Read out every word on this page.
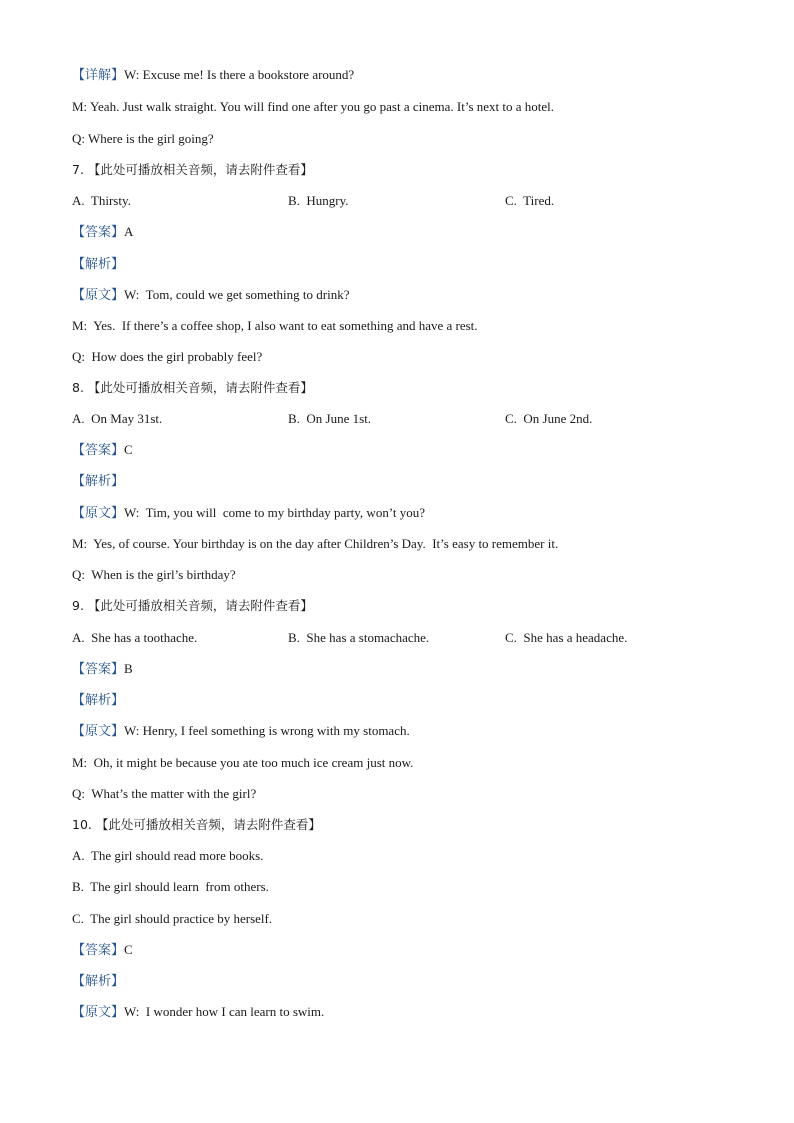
【详解】W: Excuse me! Is there a bookstore around?
M: Yeah. Just walk straight. You will find one after you go past a cinema. It’s next to a hotel.
Q: Where is the girl going?
7. 【此处可播放相关音频，请去附件查看】
A.  Thirsty.	B.  Hungry.	C.  Tired.
【答案】A
【解析】
【原文】W:  Tom, could we get something to drink?
M:  Yes.  If there’s a coffee shop, I also want to eat something and have a rest.
Q:  How does the girl probably feel?
8. 【此处可播放相关音频，请去附件查看】
A.  On May 31st.	B.  On June 1st.	C.  On June 2nd.
【答案】C
【解析】
【原文】W:  Tim, you will  come to my birthday party, won’t you?
M:  Yes, of course. Your birthday is on the day after Children’s Day.  It’s easy to remember it.
Q:  When is the girl’s birthday?
9. 【此处可播放相关音频，请去附件查看】
A.  She has a toothache.	B.  She has a stomachache.	C.  She has a headache.
【答案】B
【解析】
【原文】W: Henry, I feel something is wrong with my stomach.
M:  Oh, it might be because you ate too much ice cream just now.
Q:  What’s the matter with the girl?
10. 【此处可播放相关音频，请去附件查看】
A.  The girl should read more books.
B.  The girl should learn  from others.
C.  The girl should practice by herself.
【答案】C
【解析】
【原文】W:  I wonder how I can learn to swim.
